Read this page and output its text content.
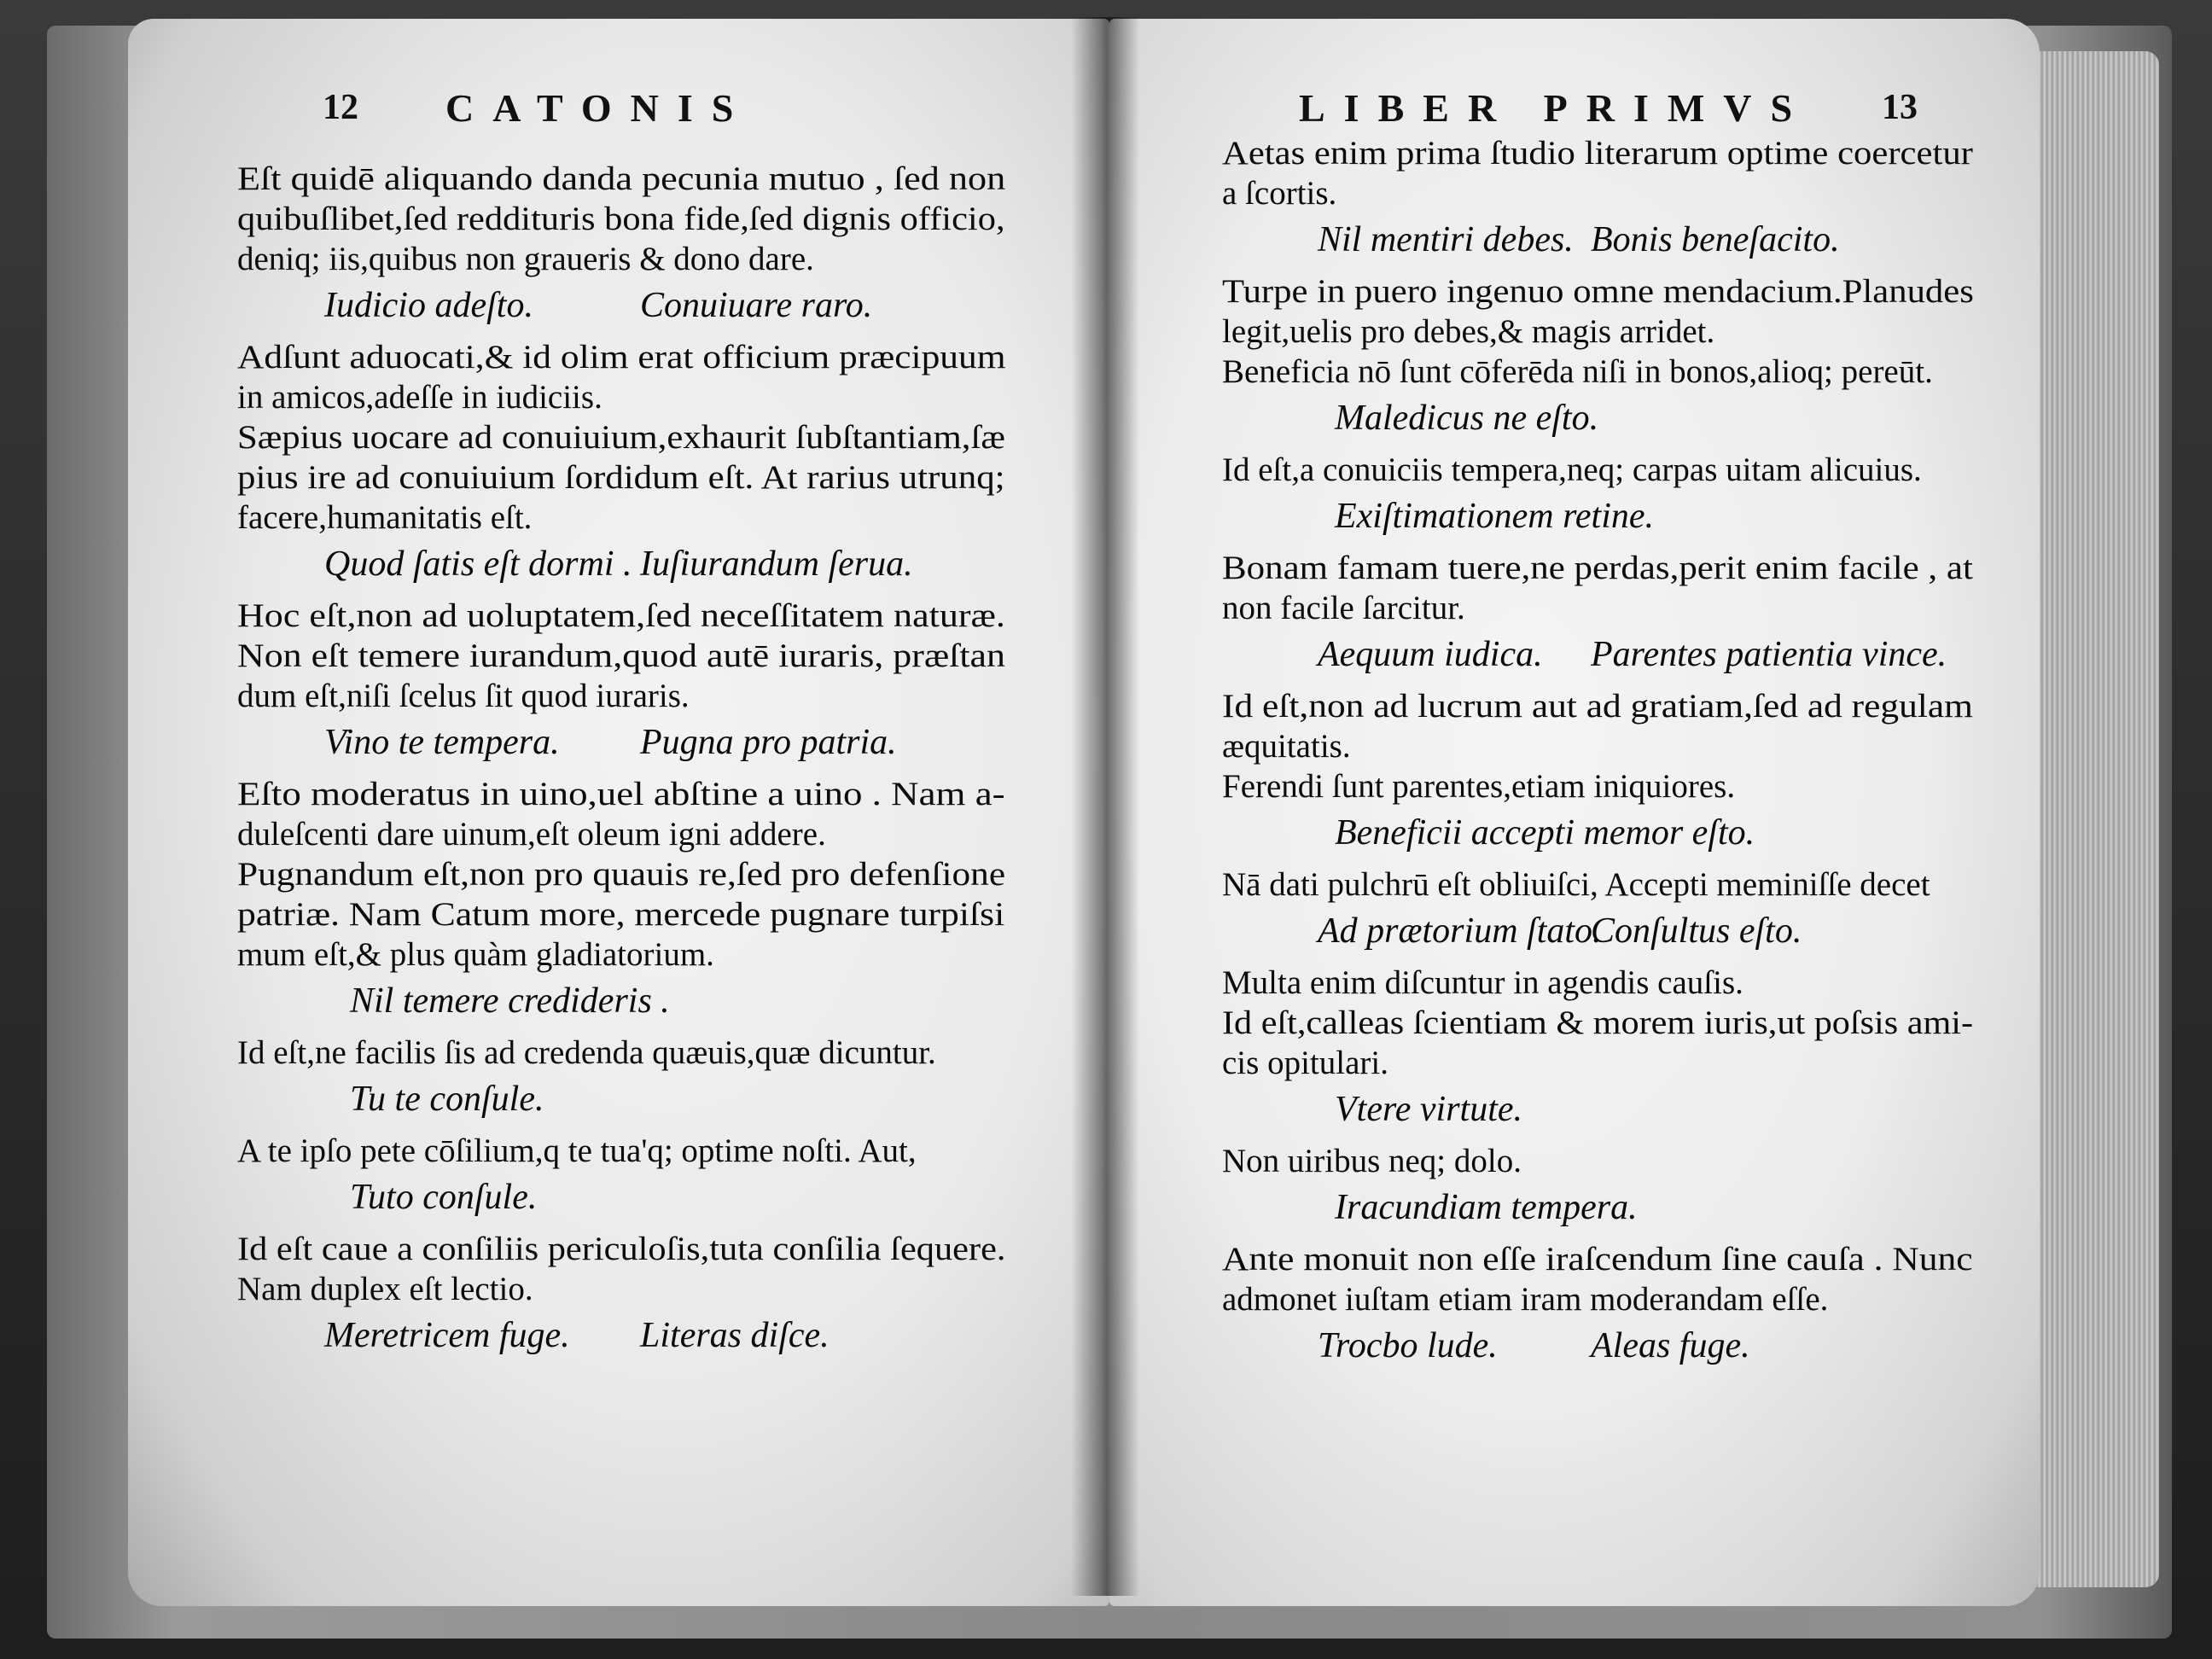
12 CATONIS
Eſt quidē aliquando danda pecunia mutuo , ſed non
quibuſlibet,ſed reddituris bona fide,ſed dignis officio,
deniq; iis,quibus non graueris & dono dare.
Iudicio adeſto.	Conuiuare raro.
Adſunt aduocati,& id olim erat officium præcipuum
in amicos,adeſſe in iudiciis.
Sæpius uocare ad conuiuium,exhaurit ſubſtantiam,ſæ
pius ire ad conuiuium ſordidum eſt. At rarius utrunq;
facere,humanitatis eſt.
Quod ſatis eſt dormi . Iuſiurandum ſerua.
Hoc eſt,non ad uoluptatem,ſed neceſſitatem naturæ.
Non eſt temere iurandum,quod autē iuraris, præſtan
dum eſt,niſi ſcelus ſit quod iuraris.
Vino te tempera. Pugna pro patria.
Eſto moderatus in uino,uel abſtine a uino . Nam a-
duleſcenti dare uinum,eſt oleum igni addere.
Pugnandum eſt,non pro quauis re,ſed pro defenſione
patriæ. Nam Catum more, mercede pugnare turpiſsi
mum eſt,& plus quàm gladiatorium.
Nil temere credideris .
Id eſt,ne facilis ſis ad credenda quæuis,quæ dicuntur.
Tu te conſule.
A te ipſo pete cōſilium,q te tua'q; optime noſti. Aut,
Tuto conſule.
Id eſt caue a conſiliis periculoſis,tuta conſilia ſequere.
Nam duplex eſt lectio.
Meretricem fuge. Literas diſce.
LIBER PRIMVS 13
Aetas enim prima ſtudio literarum optime coercetur
a ſcortis.
Nil mentiri debes. Bonis beneſacito.
Turpe in puero ingenuo omne mendacium.Planudes
legit,uelis pro debes,& magis arridet.
Beneficia nō ſunt cōferēda niſi in bonos,alioq; pereūt.
Maledicus ne eſto.
Id eſt,a conuiciis tempera,neq; carpas uitam alicuius.
Exiſtimationem retine.
Bonam famam tuere,ne perdas,perit enim facile , at
non facile ſarcitur.
Aequum iudica. Parentes patientia vince.
Id eſt,non ad lucrum aut ad gratiam,ſed ad regulam
æquitatis.
Ferendi ſunt parentes,etiam iniquiores.
Beneficii accepti memor eſto.
Nā dati pulchrū eſt obliuiſci, Accepti meminiſſe decet
Ad prætorium ſtato.
Conſultus eſto.
Multa enim diſcuntur in agendis cauſis.
Id eſt,calleas ſcientiam & morem iuris,ut poſsis ami-
cis opitulari.
Vtere virtute.
Non uiribus neq; dolo.
Iracundiam tempera.
Ante monuit non eſſe iraſcendum ſine cauſa . Nunc
admonet iuſtam etiam iram moderandam eſſe.
Trocbo lude.	Aleas fuge.
